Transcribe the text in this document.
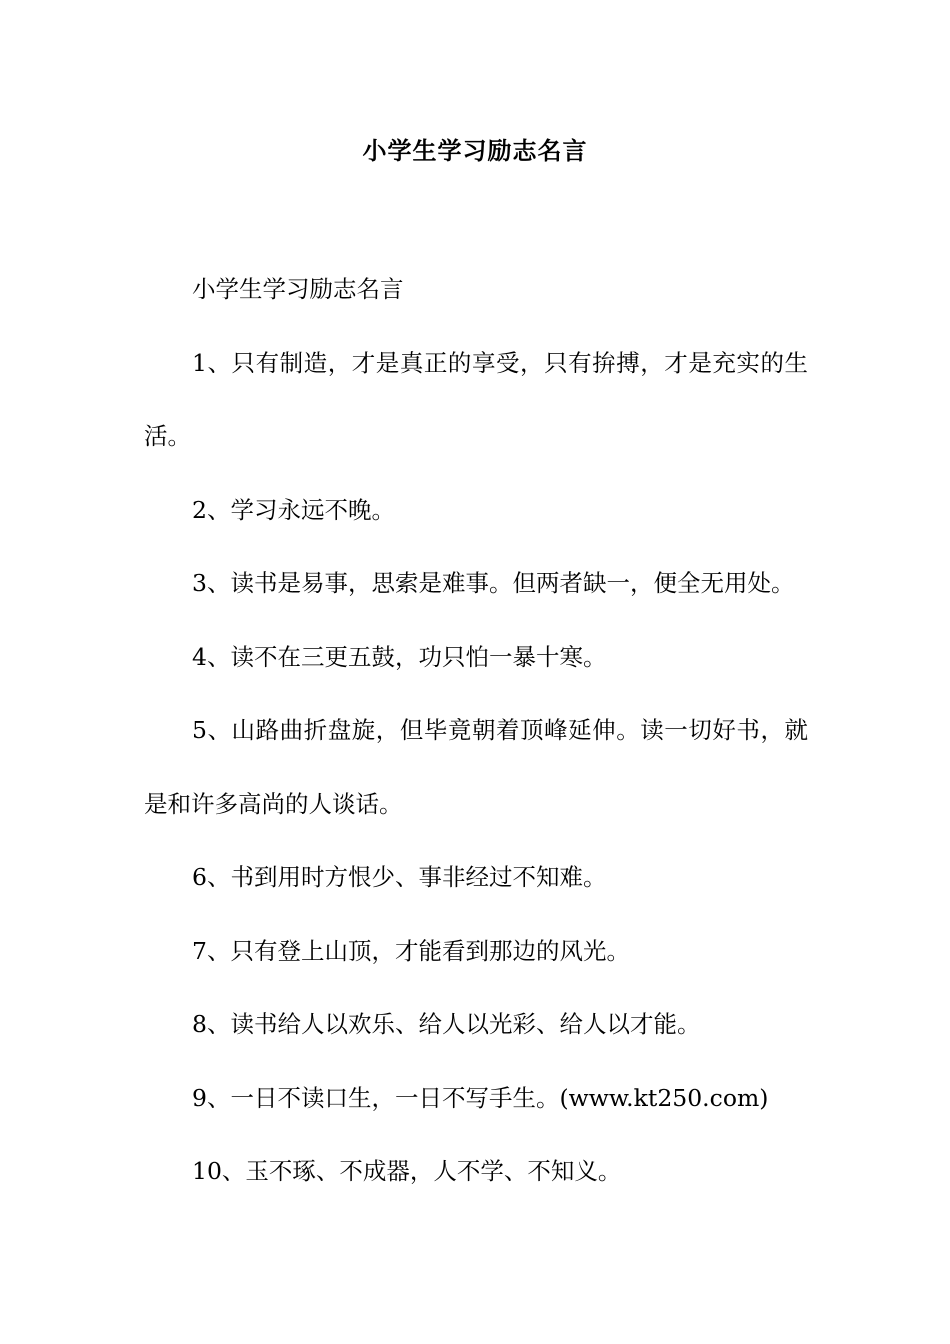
小学生学习励志名言

小学生学习励志名言

1、只有制造，才是真正的享受，只有拚搏，才是充实的生活。

2、学习永远不晚。

3、读书是易事，思索是难事。但两者缺一，便全无用处。

4、读不在三更五鼓，功只怕一暴十寒。

5、山路曲折盘旋，但毕竟朝着顶峰延伸。读一切好书，就是和许多高尚的人谈话。

6、书到用时方恨少、事非经过不知难。

7、只有登上山顶，才能看到那边的风光。

8、读书给人以欢乐、给人以光彩、给人以才能。

9、一日不读口生，一日不写手生。(www.kt250.com)

10、玉不琢、不成器，人不学、不知义。
